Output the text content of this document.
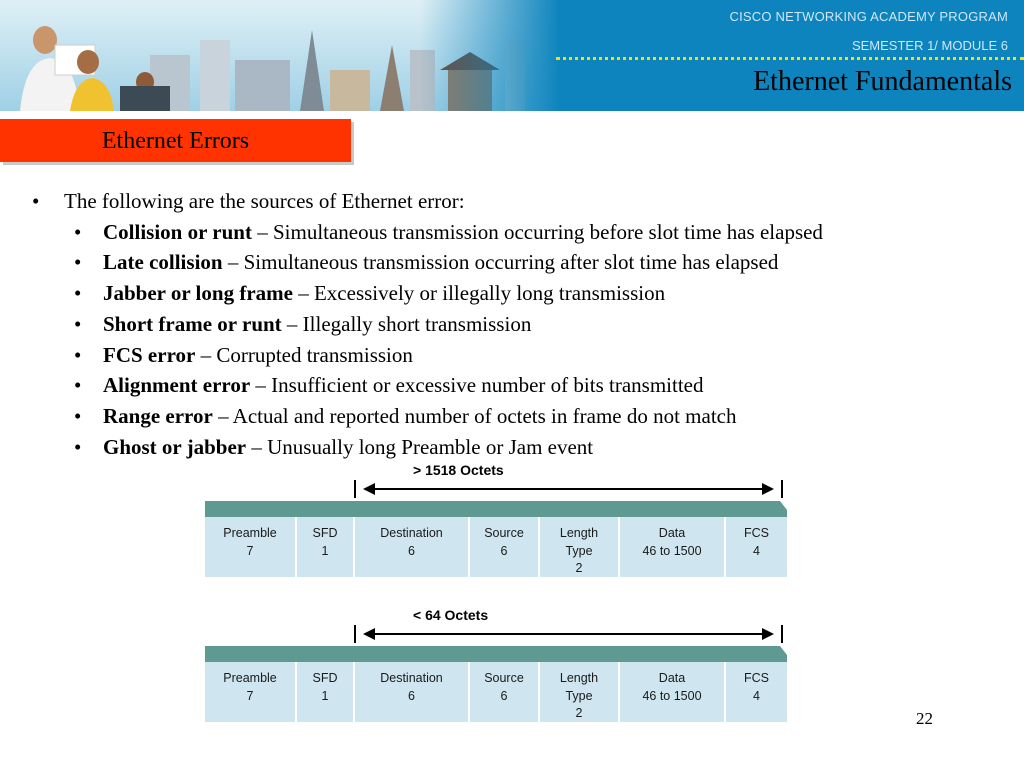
CISCO NETWORKING ACADEMY PROGRAM
SEMESTER 1/ MODULE 6
Ethernet Fundamentals
Ethernet Errors
• The following are the sources of Ethernet error:
• Collision or runt – Simultaneous transmission occurring before slot time has elapsed
• Late collision – Simultaneous transmission occurring after slot time has elapsed
• Jabber or long frame – Excessively or illegally long transmission
• Short frame or runt – Illegally short transmission
• FCS error – Corrupted transmission
• Alignment error – Insufficient or excessive number of bits transmitted
• Range error – Actual and reported number of octets in frame do not match
• Ghost or jabber – Unusually long Preamble or Jam event
> 1518 Octets
Preamble
7
SFD
1
Destination
6
Source
6
Length
Type
2
Data
46 to 1500
FCS
4
< 64 Octets
Preamble
7
SFD
1
Destination
6
Source
6
Length
Type
2
Data
46 to 1500
FCS
4
22
